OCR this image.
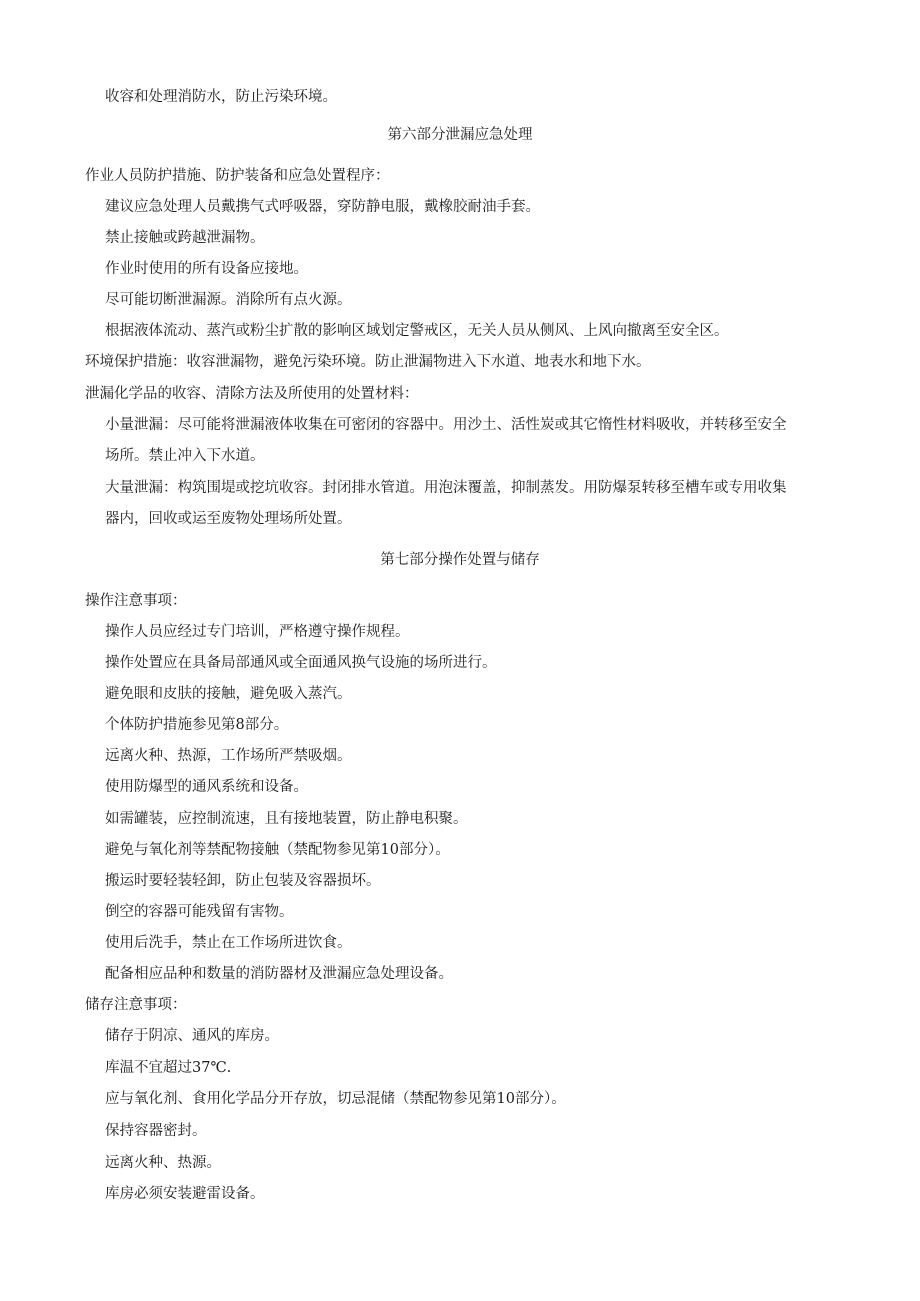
收容和处理消防水，防止污染环境。
第六部分泄漏应急处理
作业人员防护措施、防护装备和应急处置程序：
建议应急处理人员戴携气式呼吸器，穿防静电服，戴橡胶耐油手套。
禁止接触或跨越泄漏物。
作业时使用的所有设备应接地。
尽可能切断泄漏源。消除所有点火源。
根据液体流动、蒸汽或粉尘扩散的影响区域划定警戒区，无关人员从侧风、上风向撤离至安全区。
环境保护措施：收容泄漏物，避免污染环境。防止泄漏物进入下水道、地表水和地下水。
泄漏化学品的收容、清除方法及所使用的处置材料：
小量泄漏：尽可能将泄漏液体收集在可密闭的容器中。用沙土、活性炭或其它惰性材料吸收，并转移至安全
场所。禁止冲入下水道。
大量泄漏：构筑围堤或挖坑收容。封闭排水管道。用泡沫覆盖，抑制蒸发。用防爆泵转移至槽车或专用收集
器内，回收或运至废物处理场所处置。
第七部分操作处置与储存
操作注意事项：
操作人员应经过专门培训，严格遵守操作规程。
操作处置应在具备局部通风或全面通风换气设施的场所进行。
避免眼和皮肤的接触，避免吸入蒸汽。
个体防护措施参见第8部分。
远离火种、热源，工作场所严禁吸烟。
使用防爆型的通风系统和设备。
如需罐装，应控制流速，且有接地装置，防止静电积聚。
避免与氧化剂等禁配物接触（禁配物参见第10部分）。
搬运时要轻装轻卸，防止包装及容器损坏。
倒空的容器可能残留有害物。
使用后洗手，禁止在工作场所进饮食。
配备相应品种和数量的消防器材及泄漏应急处理设备。
储存注意事项：
储存于阴凉、通风的库房。
库温不宜超过37℃.
应与氧化剂、食用化学品分开存放，切忌混储（禁配物参见第10部分）。
保持容器密封。
远离火种、热源。
库房必须安装避雷设备。
